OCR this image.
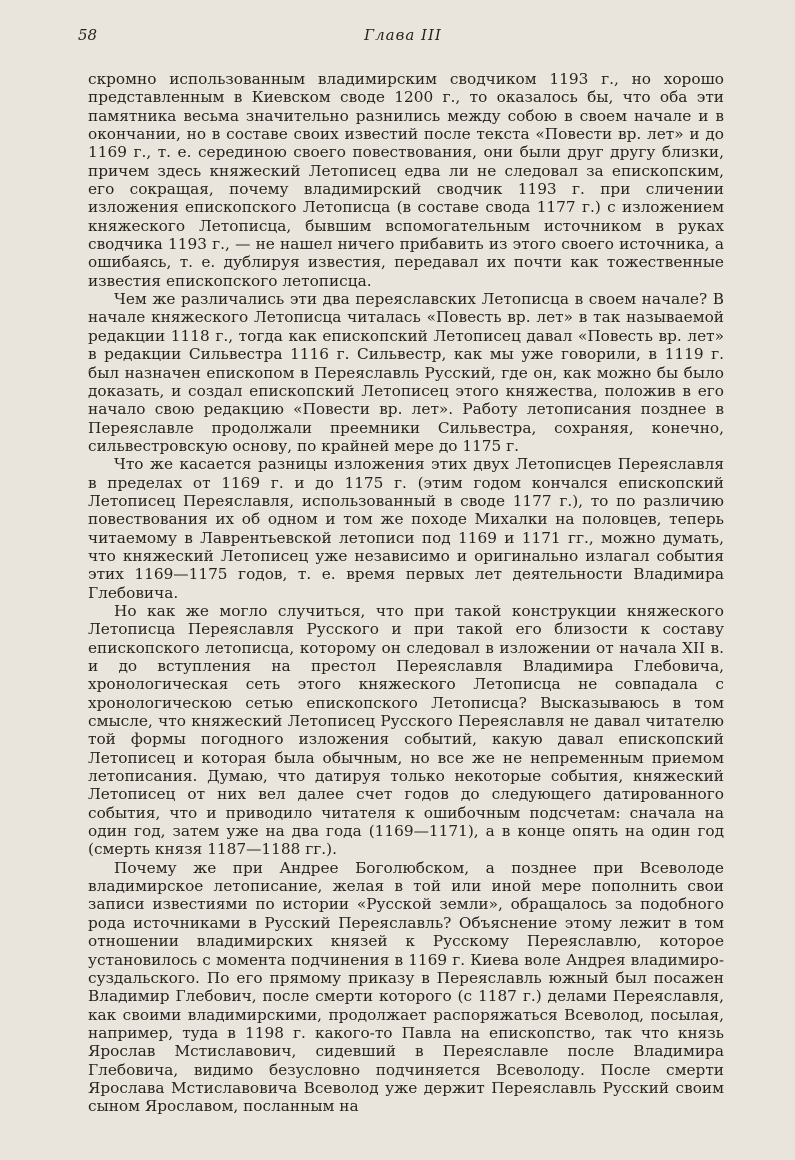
58	Глава III

скромно использованным владимирским сводчиком 1193 г., но хорошо представленным в Киевском своде 1200 г., то оказалось бы, что оба эти памятника весьма значительно разнились между собою в своем начале и в окончании, но в составе своих известий после текста «Повести вр. лет» и до 1169 г., т. е. серединою своего повествования, они были друг другу близки, причем здесь княжеский Летописец едва ли не следовал за епископским, его сокращая, почему владимирский сводчик 1193 г. при сличении изложения епископского Летописца (в составе свода 1177 г.) с изложением княжеского Летописца, бывшим вспомогательным источником в руках сводчика 1193 г., — не нашел ничего прибавить из этого своего источника, а ошибаясь, т. е. дублируя известия, передавал их почти как тожественные известия епископского летописца.

Чем же различались эти два переяславских Летописца в своем начале? В начале княжеского Летописца читалась «Повесть вр. лет» в так называемой редакции 1118 г., тогда как епископский Летописец давал «Повесть вр. лет» в редакции Сильвестра 1116 г. Сильвестр, как мы уже говорили, в 1119 г. был назначен епископом в Переяславль Русский, где он, как можно бы было доказать, и создал епископский Летописец этого княжества, положив в его начало свою редакцию «Повести вр. лет». Работу летописания позднее в Переяславле продолжали преемники Сильвестра, сохраняя, конечно, сильвестровскую основу, по крайней мере до 1175 г.

Что же касается разницы изложения этих двух Летописцев Переяславля в пределах от 1169 г. и до 1175 г. (этим годом кончался епископский Летописец Переяславля, использованный в своде 1177 г.), то по различию повествования их об одном и том же походе Михалки на половцев, теперь читаемому в Лаврентьевской летописи под 1169 и 1171 гг., можно думать, что княжеский Летописец уже независимо и оригинально излагал события этих 1169—1175 годов, т. е. время первых лет деятельности Владимира Глебовича.

Но как же могло случиться, что при такой конструкции княжеского Летописца Переяславля Русского и при такой его близости к составу епископского летописца, которому он следовал в изложении от начала XII в. и до вступления на престол Переяславля Владимира Глебовича, хронологическая сеть этого княжеского Летописца не совпадала с хронологическою сетью епископского Летописца? Высказываюсь в том смысле, что княжеский Летописец Русского Переяславля не давал читателю той формы погодного изложения событий, какую давал епископский Летописец и которая была обычным, но все же не непременным приемом летописания. Думаю, что датируя только некоторые события, княжеский Летописец от них вел далее счет годов до следующего датированного события, что и приводило читателя к ошибочным подсчетам: сначала на один год, затем уже на два года (1169—1171), а в конце опять на один год (смерть князя 1187—1188 гг.).

Почему же при Андрее Боголюбском, а позднее при Всеволоде владимирское летописание, желая в той или иной мере пополнить свои записи известиями по истории «Русской земли», обращалось за подобного рода источниками в Русский Переяславль? Объяснение этому лежит в том отношении владимирских князей к Русскому Переяславлю, которое установилось с момента подчинения в 1169 г. Киева воле Андрея владимиро-суздальского. По его прямому приказу в Переяславль южный был посажен Владимир Глебович, после смерти которого (с 1187 г.) делами Переяславля, как своими владимирскими, продолжает распоряжаться Всеволод, посылая, например, туда в 1198 г. какого-то Павла на епископство, так что князь Ярослав Мстиславович, сидевший в Переяславле после Владимира Глебовича, видимо безусловно подчиняется Всеволоду. После смерти Ярослава Мстиславовича Всеволод уже держит Переяславль Русский своим сыном Ярославом, посланным на
